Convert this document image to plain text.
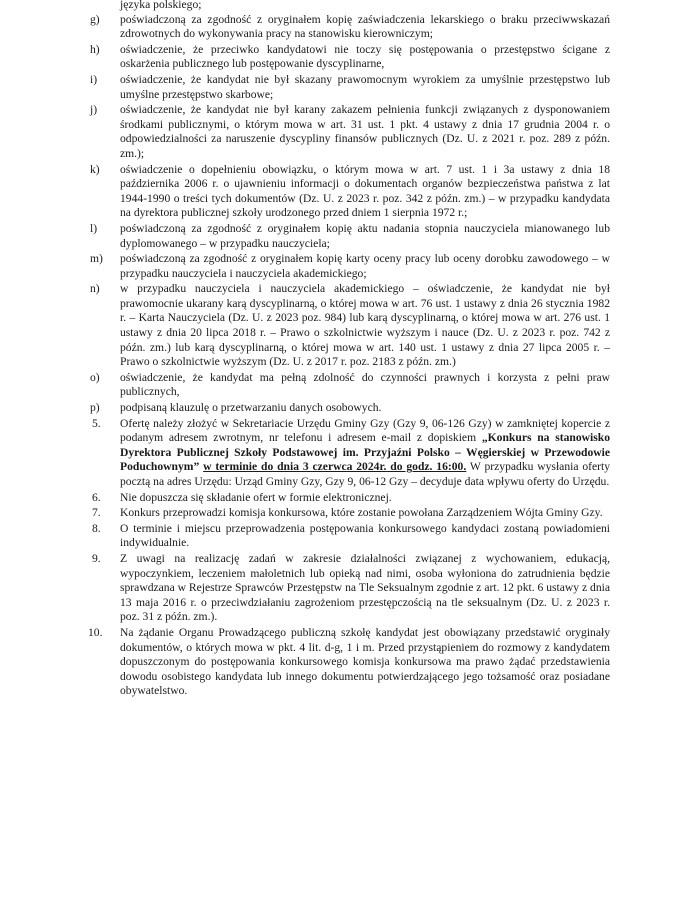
języka polskiego;
g) poświadczoną za zgodność z oryginałem kopię zaświadczenia lekarskiego o braku przeciwwskazań zdrowotnych do wykonywania pracy na stanowisku kierowniczym;
h) oświadczenie, że przeciwko kandydatowi nie toczy się postępowania o przestępstwo ścigane z oskarżenia publicznego lub postępowanie dyscyplinarne,
i) oświadczenie, że kandydat nie był skazany prawomocnym wyrokiem za umyślnie przestępstwo lub umyślne przestępstwo skarbowe;
j) oświadczenie, że kandydat nie był karany zakazem pełnienia funkcji związanych z dysponowaniem środkami publicznymi, o którym mowa w art. 31 ust. 1 pkt. 4 ustawy z dnia 17 grudnia 2004 r. o odpowiedzialności za naruszenie dyscypliny finansów publicznych (Dz. U. z 2021 r. poz. 289 z późn. zm.);
k) oświadczenie o dopełnieniu obowiązku, o którym mowa w art. 7 ust. 1 i 3a ustawy z dnia 18 października 2006 r. o ujawnieniu informacji o dokumentach organów bezpieczeństwa państwa z lat 1944-1990 o treści tych dokumentów (Dz. U. z 2023 r. poz. 342 z późn. zm.) – w przypadku kandydata na dyrektora publicznej szkoły urodzonego przed dniem 1 sierpnia 1972 r.;
l) poświadczoną za zgodność z oryginałem kopię aktu nadania stopnia nauczyciela mianowanego lub dyplomowanego – w przypadku nauczyciela;
m) poświadczoną za zgodność z oryginałem kopię karty oceny pracy lub oceny dorobku zawodowego – w przypadku nauczyciela i nauczyciela akademickiego;
n) w przypadku nauczyciela i nauczyciela akademickiego – oświadczenie, że kandydat nie był prawomocnie ukarany karą dyscyplinarną, o której mowa w art. 76 ust. 1 ustawy z dnia 26 stycznia 1982 r. – Karta Nauczyciela (Dz. U. z 2023 poz. 984) lub karą dyscyplinarną, o której mowa w art. 276 ust. 1 ustawy z dnia 20 lipca 2018 r. – Prawo o szkolnictwie wyższym i nauce (Dz. U. z 2023 r. poz. 742 z późn. zm.) lub karą dyscyplinarną, o której mowa w art. 140 ust. 1 ustawy z dnia 27 lipca 2005 r. – Prawo o szkolnictwie wyższym (Dz. U. z 2017 r. poz. 2183 z późn. zm.)
o) oświadczenie, że kandydat ma pełną zdolność do czynności prawnych i korzysta z pełni praw publicznych,
p) podpisaną klauzulę o przetwarzaniu danych osobowych.
5. Ofertę należy złożyć w Sekretariacie Urzędu Gminy Gzy (Gzy 9, 06-126 Gzy) w zamkniętej kopercie z podanym adresem zwrotnym, nr telefonu i adresem e-mail z dopiskiem „Konkurs na stanowisko Dyrektora Publicznej Szkoły Podstawowej im. Przyjaźni Polsko – Węgierskiej w Przewodowie Poduchownym” w terminie do dnia 3 czerwca 2024r. do godz. 16:00. W przypadku wysłania oferty pocztą na adres Urzędu: Urząd Gminy Gzy, Gzy 9, 06-12 Gzy – decyduje data wpływu oferty do Urzędu.
6. Nie dopuszcza się składanie ofert w formie elektronicznej.
7. Konkurs przeprowadzi komisja konkursowa, które zostanie powołana Zarządzeniem Wójta Gminy Gzy.
8. O terminie i miejscu przeprowadzenia postępowania konkursowego kandydaci zostaną powiadomieni indywidualnie.
9. Z uwagi na realizację zadań w zakresie działalności związanej z wychowaniem, edukacją, wypoczynkiem, leczeniem małoletnich lub opieką nad nimi, osoba wyłoniona do zatrudnienia będzie sprawdzana w Rejestrze Sprawców Przestępstw na Tle Seksualnym zgodnie z art. 12 pkt. 6 ustawy z dnia 13 maja 2016 r. o przeciwdziałaniu zagrożeniom przestępczością na tle seksualnym (Dz. U. z 2023 r. poz. 31 z późn. zm.).
10. Na żądanie Organu Prowadzącego publiczną szkołę kandydat jest obowiązany przedstawić oryginały dokumentów, o których mowa w pkt. 4 lit. d-g, 1 i m. Przed przystąpieniem do rozmowy z kandydatem dopuszczonym do postępowania konkursowego komisja konkursowa ma prawo żądać przedstawienia dowodu osobistego kandydata lub innego dokumentu potwierdzającego jego tożsamość oraz posiadane obywatelstwo.
